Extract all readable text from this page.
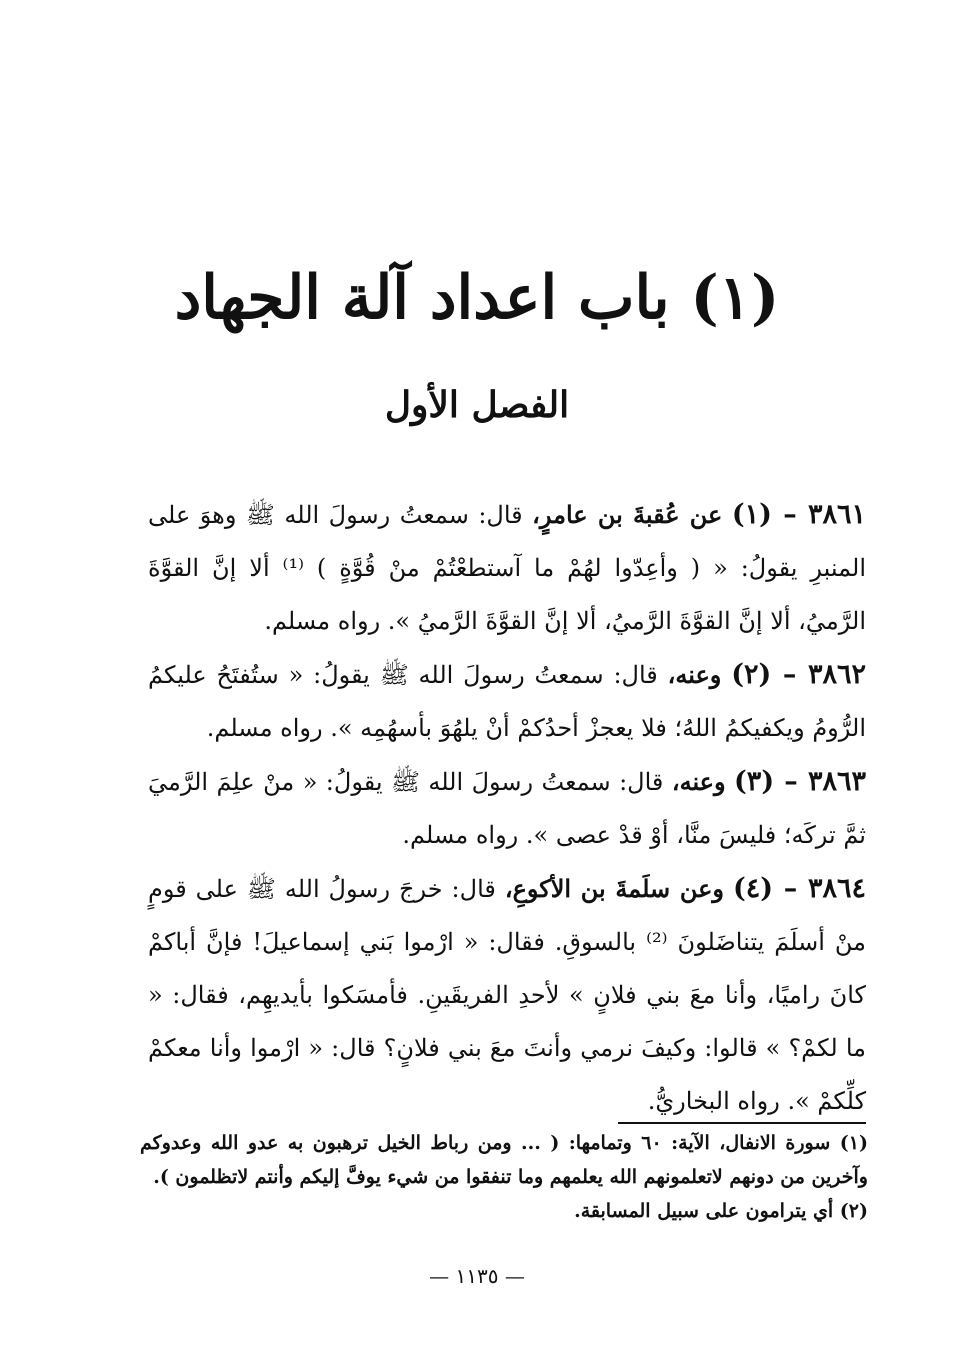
(١) باب اعداد آلة الجهاد
الفصل الأول

٣٨٦١ – (١) عن عُقبةَ بن عامرٍ، قال: سمعتُ رسولَ الله ﷺ وهوَ على المنبرِ يقولُ: « ( وأعِدّوا لهُمْ ما آستطعْتُمْ منْ قُوَّةٍ ) ⁽¹⁾ ألا إنَّ القوَّةَ الرَّميُ، ألا إنَّ القوَّةَ الرَّميُ، ألا إنَّ القوَّةَ الرَّميُ ». رواه مسلم.

٣٨٦٢ – (٢) وعنه، قال: سمعتُ رسولَ الله ﷺ يقولُ: « ستُفتَحُ عليكمُ الرُّومُ ويكفيكمُ اللهُ؛ فلا يعجزْ أحدُكمْ أنْ يلهُوَ بأسهُمِه ». رواه مسلم.

٣٨٦٣ – (٣) وعنه، قال: سمعتُ رسولَ الله ﷺ يقولُ: « منْ علِمَ الرَّميَ ثمَّ تركَه؛ فليسَ منَّا، أوْ قدْ عصى ». رواه مسلم.

٣٨٦٤ – (٤) وعن سلَمةَ بن الأكوعِ، قال: خرجَ رسولُ الله ﷺ على قومٍ منْ أسلَمَ يتناضَلونَ ⁽²⁾ بالسوقِ. فقال: « ارْموا بَني إسماعيلَ! فإنَّ أباكمْ كانَ راميًا، وأنا معَ بني فلانٍ » لأحدِ الفريقَينِ. فأمسَكوا بأيديهِم، فقال: « ما لكمْ؟ » قالوا: وكيفَ نرمي وأنتَ معَ بني فلانٍ؟ قال: « ارْموا وأنا معكمْ كلِّكمْ ». رواه البخاريُّ.

(١) سورة الانفال، الآية: ٦٠ وتمامها: ( ... ومن رباط الخيل ترهبون به عدو الله وعدوكم وآخرين من دونهم لاتعلمونهم الله يعلمهم وما تنفقوا من شيء يوفَّ إليكم وأنتم لاتظلمون ).

(٢) أي يترامون على سبيل المسابقة.

— ١١٣٥ —
